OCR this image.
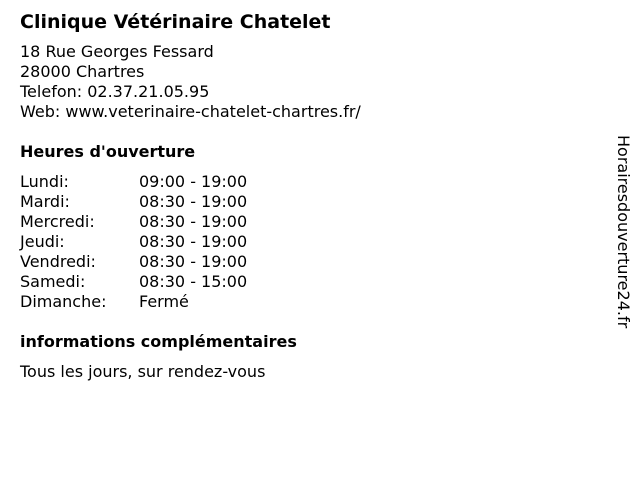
Clinique Vétérinaire Chatelet
18 Rue Georges Fessard
28000 Chartres
Telefon: 02.37.21.05.95
Web: www.veterinaire-chatelet-chartres.fr/
Heures d'ouverture
Lundi:	09:00 - 19:00
Mardi:	08:30 - 19:00
Mercredi:	08:30 - 19:00
Jeudi:	08:30 - 19:00
Vendredi:	08:30 - 19:00
Samedi:	08:30 - 15:00
Dimanche:	Fermé
informations complémentaires
Tous les jours, sur rendez-vous
Horairesdouverture24.fr
